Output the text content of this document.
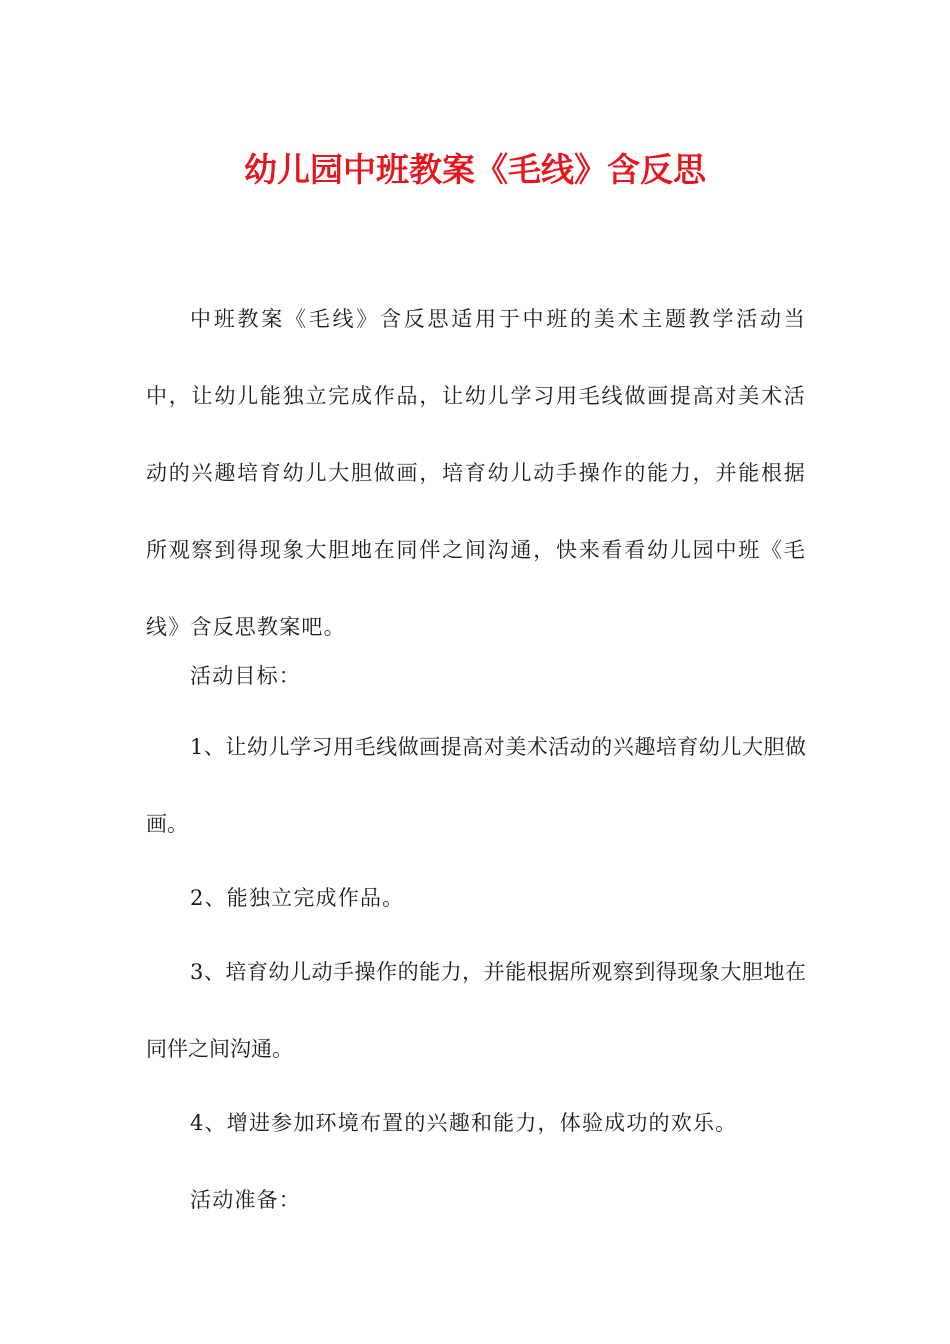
幼儿园中班教案《毛线》含反思
中班教案《毛线》含反思适用于中班的美术主题教学活动当中，让幼儿能独立完成作品，让幼儿学习用毛线做画提高对美术活动的兴趣培育幼儿大胆做画，培育幼儿动手操作的能力，并能根据所观察到得现象大胆地在同伴之间沟通，快来看看幼儿园中班《毛线》含反思教案吧。
活动目标：
1、让幼儿学习用毛线做画提高对美术活动的兴趣培育幼儿大胆做画。
2、能独立完成作品。
3、培育幼儿动手操作的能力，并能根据所观察到得现象大胆地在同伴之间沟通。
4、增进参加环境布置的兴趣和能力，体验成功的欢乐。
活动准备：
